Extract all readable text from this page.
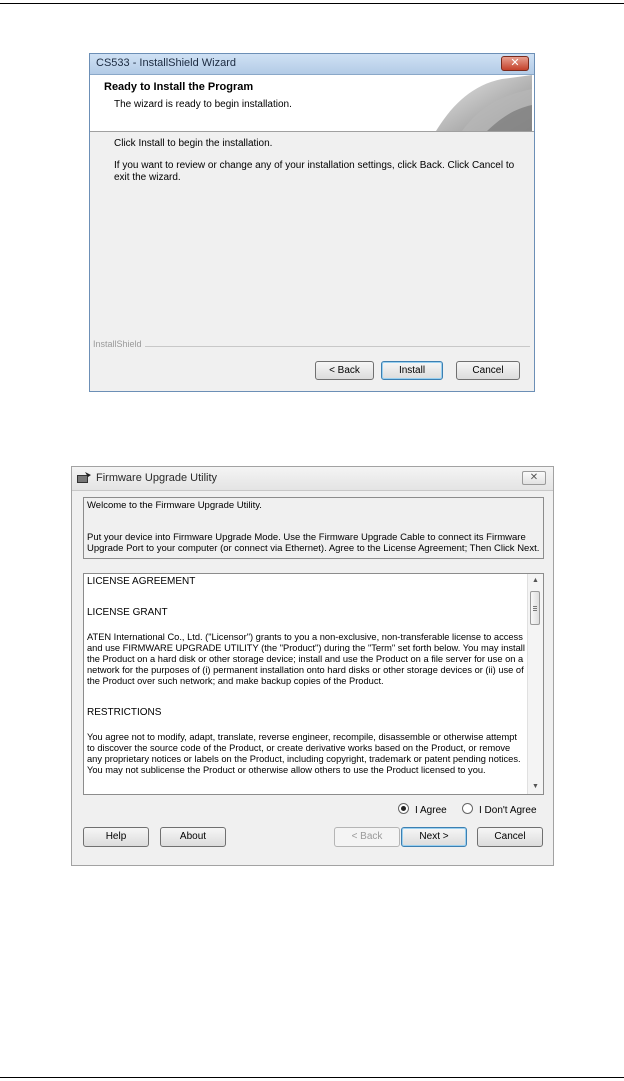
CS533 - InstallShield Wizard	✕
Ready to Install the Program
The wizard is ready to begin installation.
Click Install to begin the installation.
If you want to review or change any of your installation settings, click Back. Click Cancel to exit the wizard.
InstallShield
< Back	Install	Cancel
Firmware Upgrade Utility	✕

Welcome to the Firmware Upgrade Utility.

Put your device into Firmware Upgrade Mode. Use the Firmware Upgrade Cable to connect its Firmware Upgrade Port to your computer (or connect via Ethernet). Agree to the License Agreement; Then Click Next.

LICENSE AGREEMENT

LICENSE GRANT

ATEN International Co., Ltd. ("Licensor") grants to you a non-exclusive, non-transferable license to access and use FIRMWARE UPGRADE UTILITY (the "Product") during the "Term" set forth below. You may install the Product on a hard disk or other storage device; install and use the Product on a file server for use on a network for the purposes of (i) permanent installation onto hard disks or other storage devices or (ii) use of the Product over such network; and make backup copies of the Product.

RESTRICTIONS

You agree not to modify, adapt, translate, reverse engineer, recompile, disassemble or otherwise attempt to discover the source code of the Product, or create derivative works based on the Product, or remove any proprietary notices or labels on the Product, including copyright, trademark or patent pending notices. You may not sublicense the Product or otherwise allow others to use the Product licensed to you.

▲
▼
I Agree	I Don't Agree
Help	About	< Back	Next >	Cancel
